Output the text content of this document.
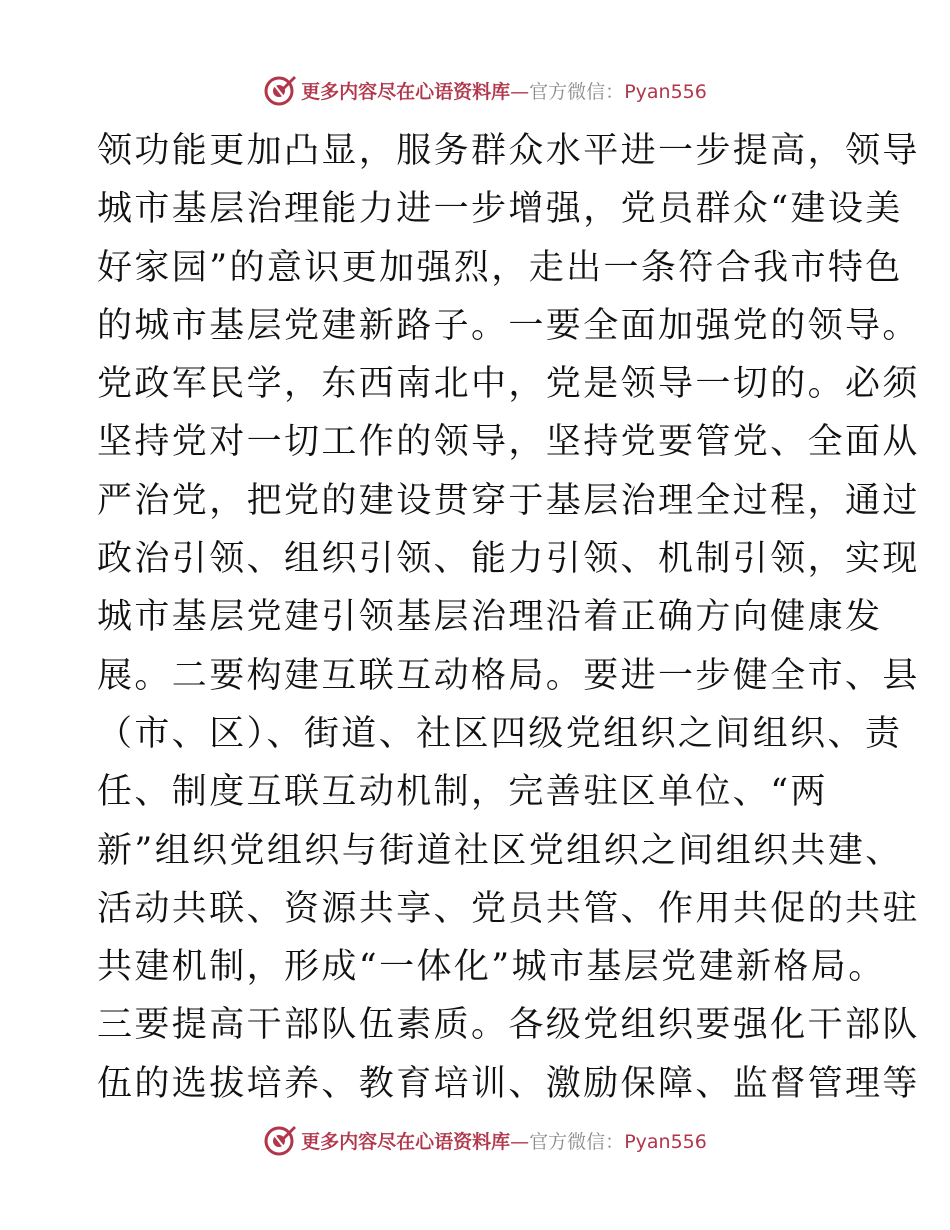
更多内容尽在心语资料库—官方微信：Pyan556
领功能更加凸显，服务群众水平进一步提高，领导
城市基层治理能力进一步增强，党员群众“建设美
好家园”的意识更加强烈，走出一条符合我市特色
的城市基层党建新路子。一要全面加强党的领导。
党政军民学，东西南北中，党是领导一切的。必须
坚持党对一切工作的领导，坚持党要管党、全面从
严治党，把党的建设贯穿于基层治理全过程，通过
政治引领、组织引领、能力引领、机制引领，实现
城市基层党建引领基层治理沿着正确方向健康发
展。二要构建互联互动格局。要进一步健全市、县
（市、区）、街道、社区四级党组织之间组织、责
任、制度互联互动机制，完善驻区单位、“两
新”组织党组织与街道社区党组织之间组织共建、
活动共联、资源共享、党员共管、作用共促的共驻
共建机制，形成“一体化”城市基层党建新格局。
三要提高干部队伍素质。各级党组织要强化干部队
伍的选拔培养、教育培训、激励保障、监督管理等
更多内容尽在心语资料库—官方微信：Pyan556
